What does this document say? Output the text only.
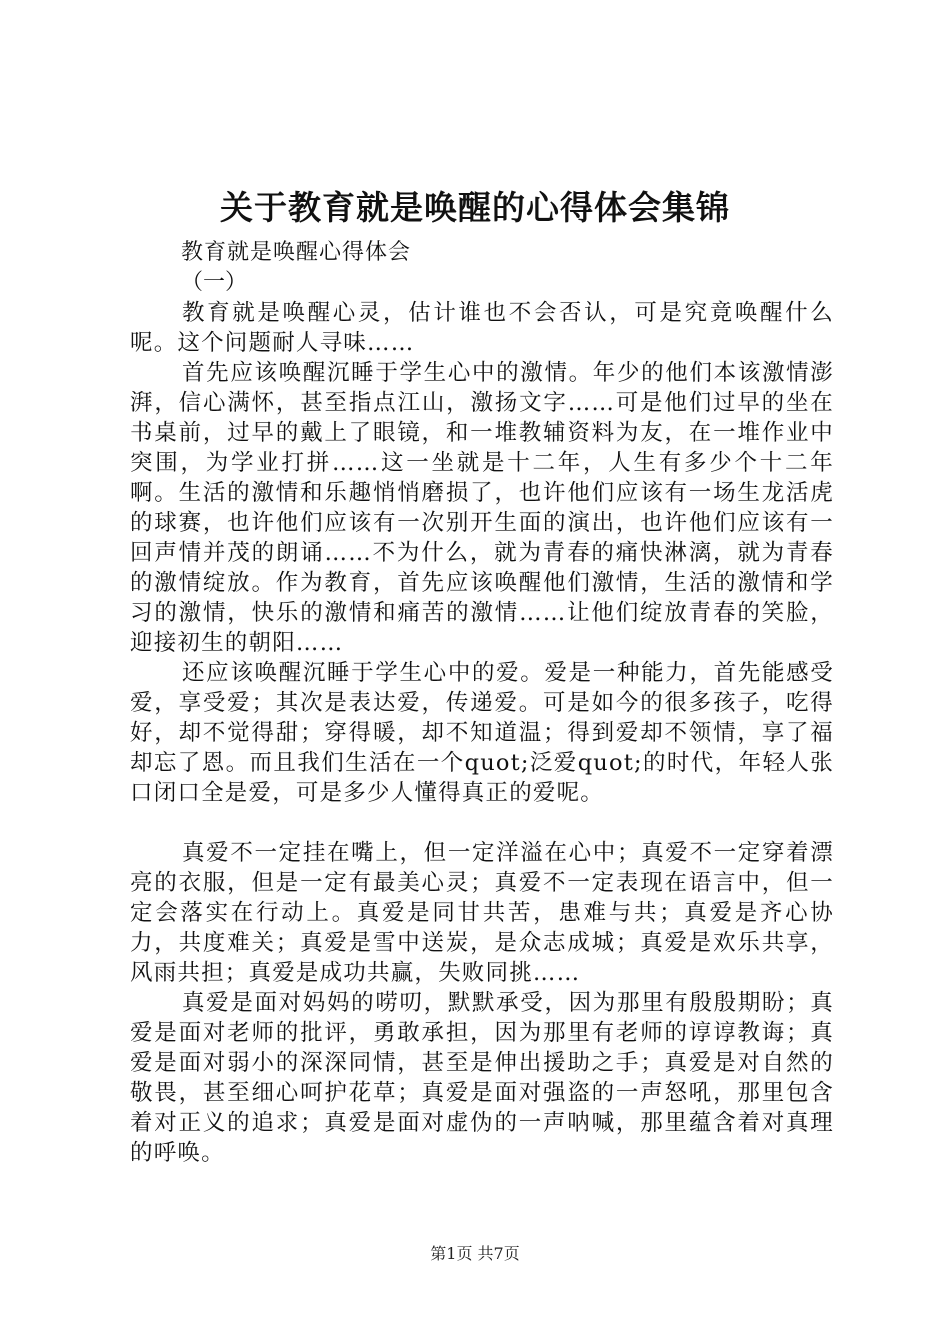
关于教育就是唤醒的心得体会集锦
教育就是唤醒心得体会
（一）

教育就是唤醒心灵，估计谁也不会否认，可是究竟唤醒什么呢。这个问题耐人寻味……

首先应该唤醒沉睡于学生心中的激情。年少的他们本该激情澎湃，信心满怀，甚至指点江山，激扬文字……可是他们过早的坐在书桌前，过早的戴上了眼镜，和一堆教辅资料为友，在一堆作业中突围，为学业打拼……这一坐就是十二年，人生有多少个十二年啊。生活的激情和乐趣悄悄磨损了，也许他们应该有一场生龙活虎的球赛，也许他们应该有一次别开生面的演出，也许他们应该有一回声情并茂的朗诵……不为什么，就为青春的痛快淋漓，就为青春的激情绽放。作为教育，首先应该唤醒他们激情，生活的激情和学习的激情，快乐的激情和痛苦的激情……让他们绽放青春的笑脸，迎接初生的朝阳……

还应该唤醒沉睡于学生心中的爱。爱是一种能力，首先能感受爱，享受爱；其次是表达爱，传递爱。可是如今的很多孩子，吃得好，却不觉得甜；穿得暖，却不知道温；得到爱却不领情，享了福却忘了恩。而且我们生活在一个quot;泛爱quot;的时代，年轻人张口闭口全是爱，可是多少人懂得真正的爱呢。

真爱不一定挂在嘴上，但一定洋溢在心中；真爱不一定穿着漂亮的衣服，但是一定有最美心灵；真爱不一定表现在语言中，但一定会落实在行动上。真爱是同甘共苦，患难与共；真爱是齐心协力，共度难关；真爱是雪中送炭，是众志成城；真爱是欢乐共享，风雨共担；真爱是成功共赢，失败同挑……

真爱是面对妈妈的唠叨，默默承受，因为那里有殷殷期盼；真爱是面对老师的批评，勇敢承担，因为那里有老师的谆谆教诲；真爱是面对弱小的深深同情，甚至是伸出援助之手；真爱是对自然的敬畏，甚至细心呵护花草；真爱是面对强盗的一声怒吼，那里包含着对正义的追求；真爱是面对虚伪的一声呐喊，那里蕴含着对真理的呼唤。

第1页 共7页
